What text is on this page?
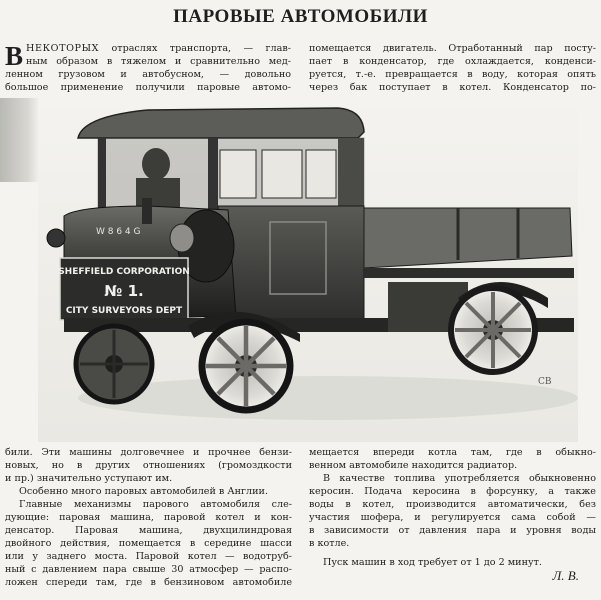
ПАРОВЫЕ АВТОМОБИЛИ
В НЕКОТОРЫХ отраслях транспорта, — глав-

ным образом в тяжелом и сравнительно мед-

ленном грузовом и автобусном, — довольно

большое применение получили паровые автомо-

помещается двигатель. Отработанный пар посту-

пает в конденсатор, где охлаждается, конденси-

руется, т.-е. превращается в воду, которая опять

через бак поступает в котел. Конденсатор по-

W 8 6 4 G
SHEFFIELD CORPORATION
№ 1.
CITY SURVEYORS DEPT
СВ

били. Эти машины долговечнее и прочнее бензи-

новых, но в других отношениях (громоздкости

и пр.) значительно уступают им.

Особенно много паровых автомобилей в Англии.

Главные механизмы парового автомобиля сле-

дующие: паровая машина, паровой котел и кон-

денсатор. Паровая машина, двухцилиндровая

двойного действия, помещается в середине шасси

или у заднего моста. Паровой котел — водотруб-

ный с давлением пара свыше 30 атмосфер — распо-

ложен спереди там, где в бензиновом автомобиле

мещается впереди котла там, где в обыкно-

венном автомобиле находится радиатор.

В качестве топлива употребляется обыкновенно

керосин. Подача керосина в форсунку, а также

воды в котел, производится автоматически, без

участия шофера, и регулируется сама собой —

в зависимости от давления пара и уровня воды

в котле.

Пуск машин в ход требует от 1 до 2 минут.

Л. В.
